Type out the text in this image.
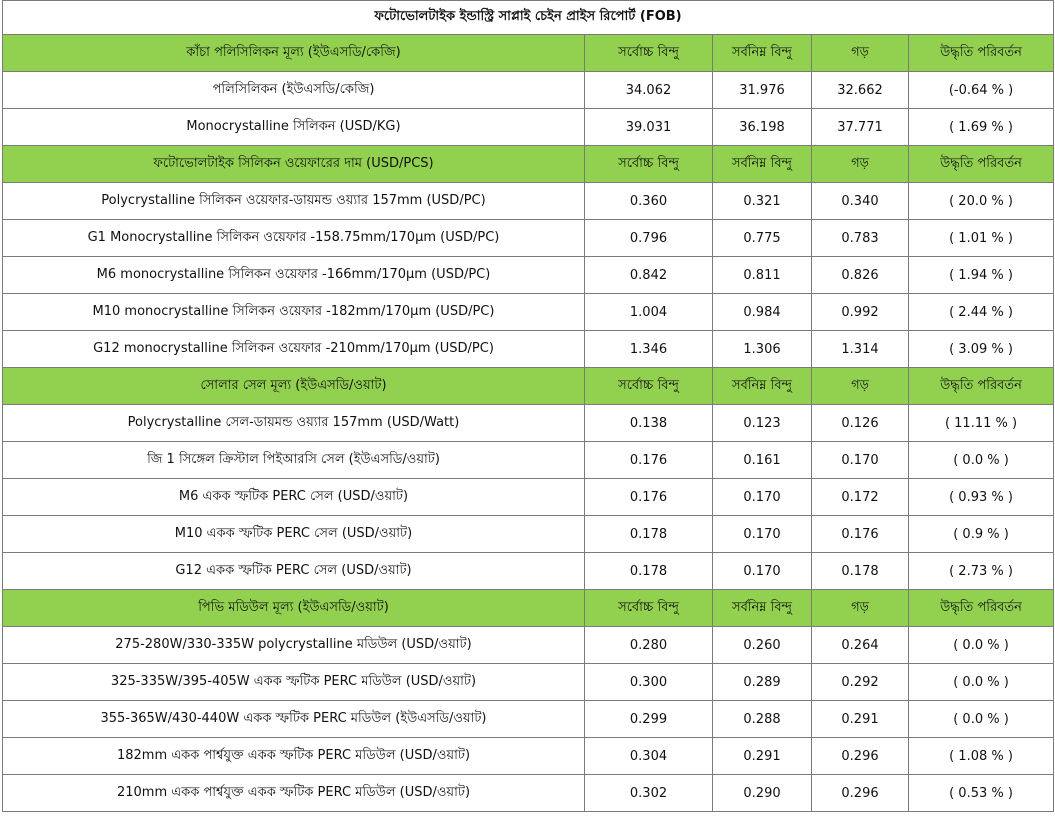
ফটোভোলটাইক ইন্ডাস্ট্রি সাপ্লাই চেইন প্রাইস রিপোর্ট (FOB)				
কাঁচা পলিসিলিকন মূল্য (ইউএসডি/কেজি)	সর্বোচ্চ বিন্দু	সর্বনিম্ন বিন্দু	গড়	উদ্ধৃতি পরিবর্তন
পলিসিলিকন (ইউএসডি/কেজি)	34.062	31.976	32.662	(-0.64 % )
Monocrystalline সিলিকন (USD/KG)	39.031	36.198	37.771	( 1.69 % )
ফটোভোলটাইক সিলিকন ওয়েফারের দাম (USD/PCS)	সর্বোচ্চ বিন্দু	সর্বনিম্ন বিন্দু	গড়	উদ্ধৃতি পরিবর্তন
Polycrystalline সিলিকন ওয়েফার-ডায়মন্ড ওয়্যার 157mm (USD/PC)	0.360	0.321	0.340	( 20.0 % )
G1 Monocrystalline সিলিকন ওয়েফার -158.75mm/170μm (USD/PC)	0.796	0.775	0.783	( 1.01 % )
M6 monocrystalline সিলিকন ওয়েফার -166mm/170μm (USD/PC)	0.842	0.811	0.826	( 1.94 % )
M10 monocrystalline সিলিকন ওয়েফার -182mm/170μm (USD/PC)	1.004	0.984	0.992	( 2.44 % )
G12 monocrystalline সিলিকন ওয়েফার -210mm/170μm (USD/PC)	1.346	1.306	1.314	( 3.09 % )
সোলার সেল মূল্য (ইউএসডি/ওয়াট)	সর্বোচ্চ বিন্দু	সর্বনিম্ন বিন্দু	গড়	উদ্ধৃতি পরিবর্তন
Polycrystalline সেল-ডায়মন্ড ওয়্যার 157mm (USD/Watt)	0.138	0.123	0.126	( 11.11 % )
জি 1 সিঙ্গেল ক্রিস্টাল পিইআরসি সেল (ইউএসডি/ওয়াট)	0.176	0.161	0.170	( 0.0 % )
M6 একক স্ফটিক PERC সেল (USD/ওয়াট)	0.176	0.170	0.172	( 0.93 % )
M10 একক স্ফটিক PERC সেল (USD/ওয়াট)	0.178	0.170	0.176	( 0.9 % )
G12 একক স্ফটিক PERC সেল (USD/ওয়াট)	0.178	0.170	0.178	( 2.73 % )
পিভি মডিউল মূল্য (ইউএসডি/ওয়াট)	সর্বোচ্চ বিন্দু	সর্বনিম্ন বিন্দু	গড়	উদ্ধৃতি পরিবর্তন
275-280W/330-335W polycrystalline মডিউল (USD/ওয়াট)	0.280	0.260	0.264	( 0.0 % )
325-335W/395-405W একক স্ফটিক PERC মডিউল (USD/ওয়াট)	0.300	0.289	0.292	( 0.0 % )
355-365W/430-440W একক স্ফটিক PERC মডিউল (ইউএসডি/ওয়াট)	0.299	0.288	0.291	( 0.0 % )
182mm একক পার্শ্বযুক্ত একক স্ফটিক PERC মডিউল (USD/ওয়াট)	0.304	0.291	0.296	( 1.08 % )
210mm একক পার্শ্বযুক্ত একক স্ফটিক PERC মডিউল (USD/ওয়াট)	0.302	0.290	0.296	( 0.53 % )
